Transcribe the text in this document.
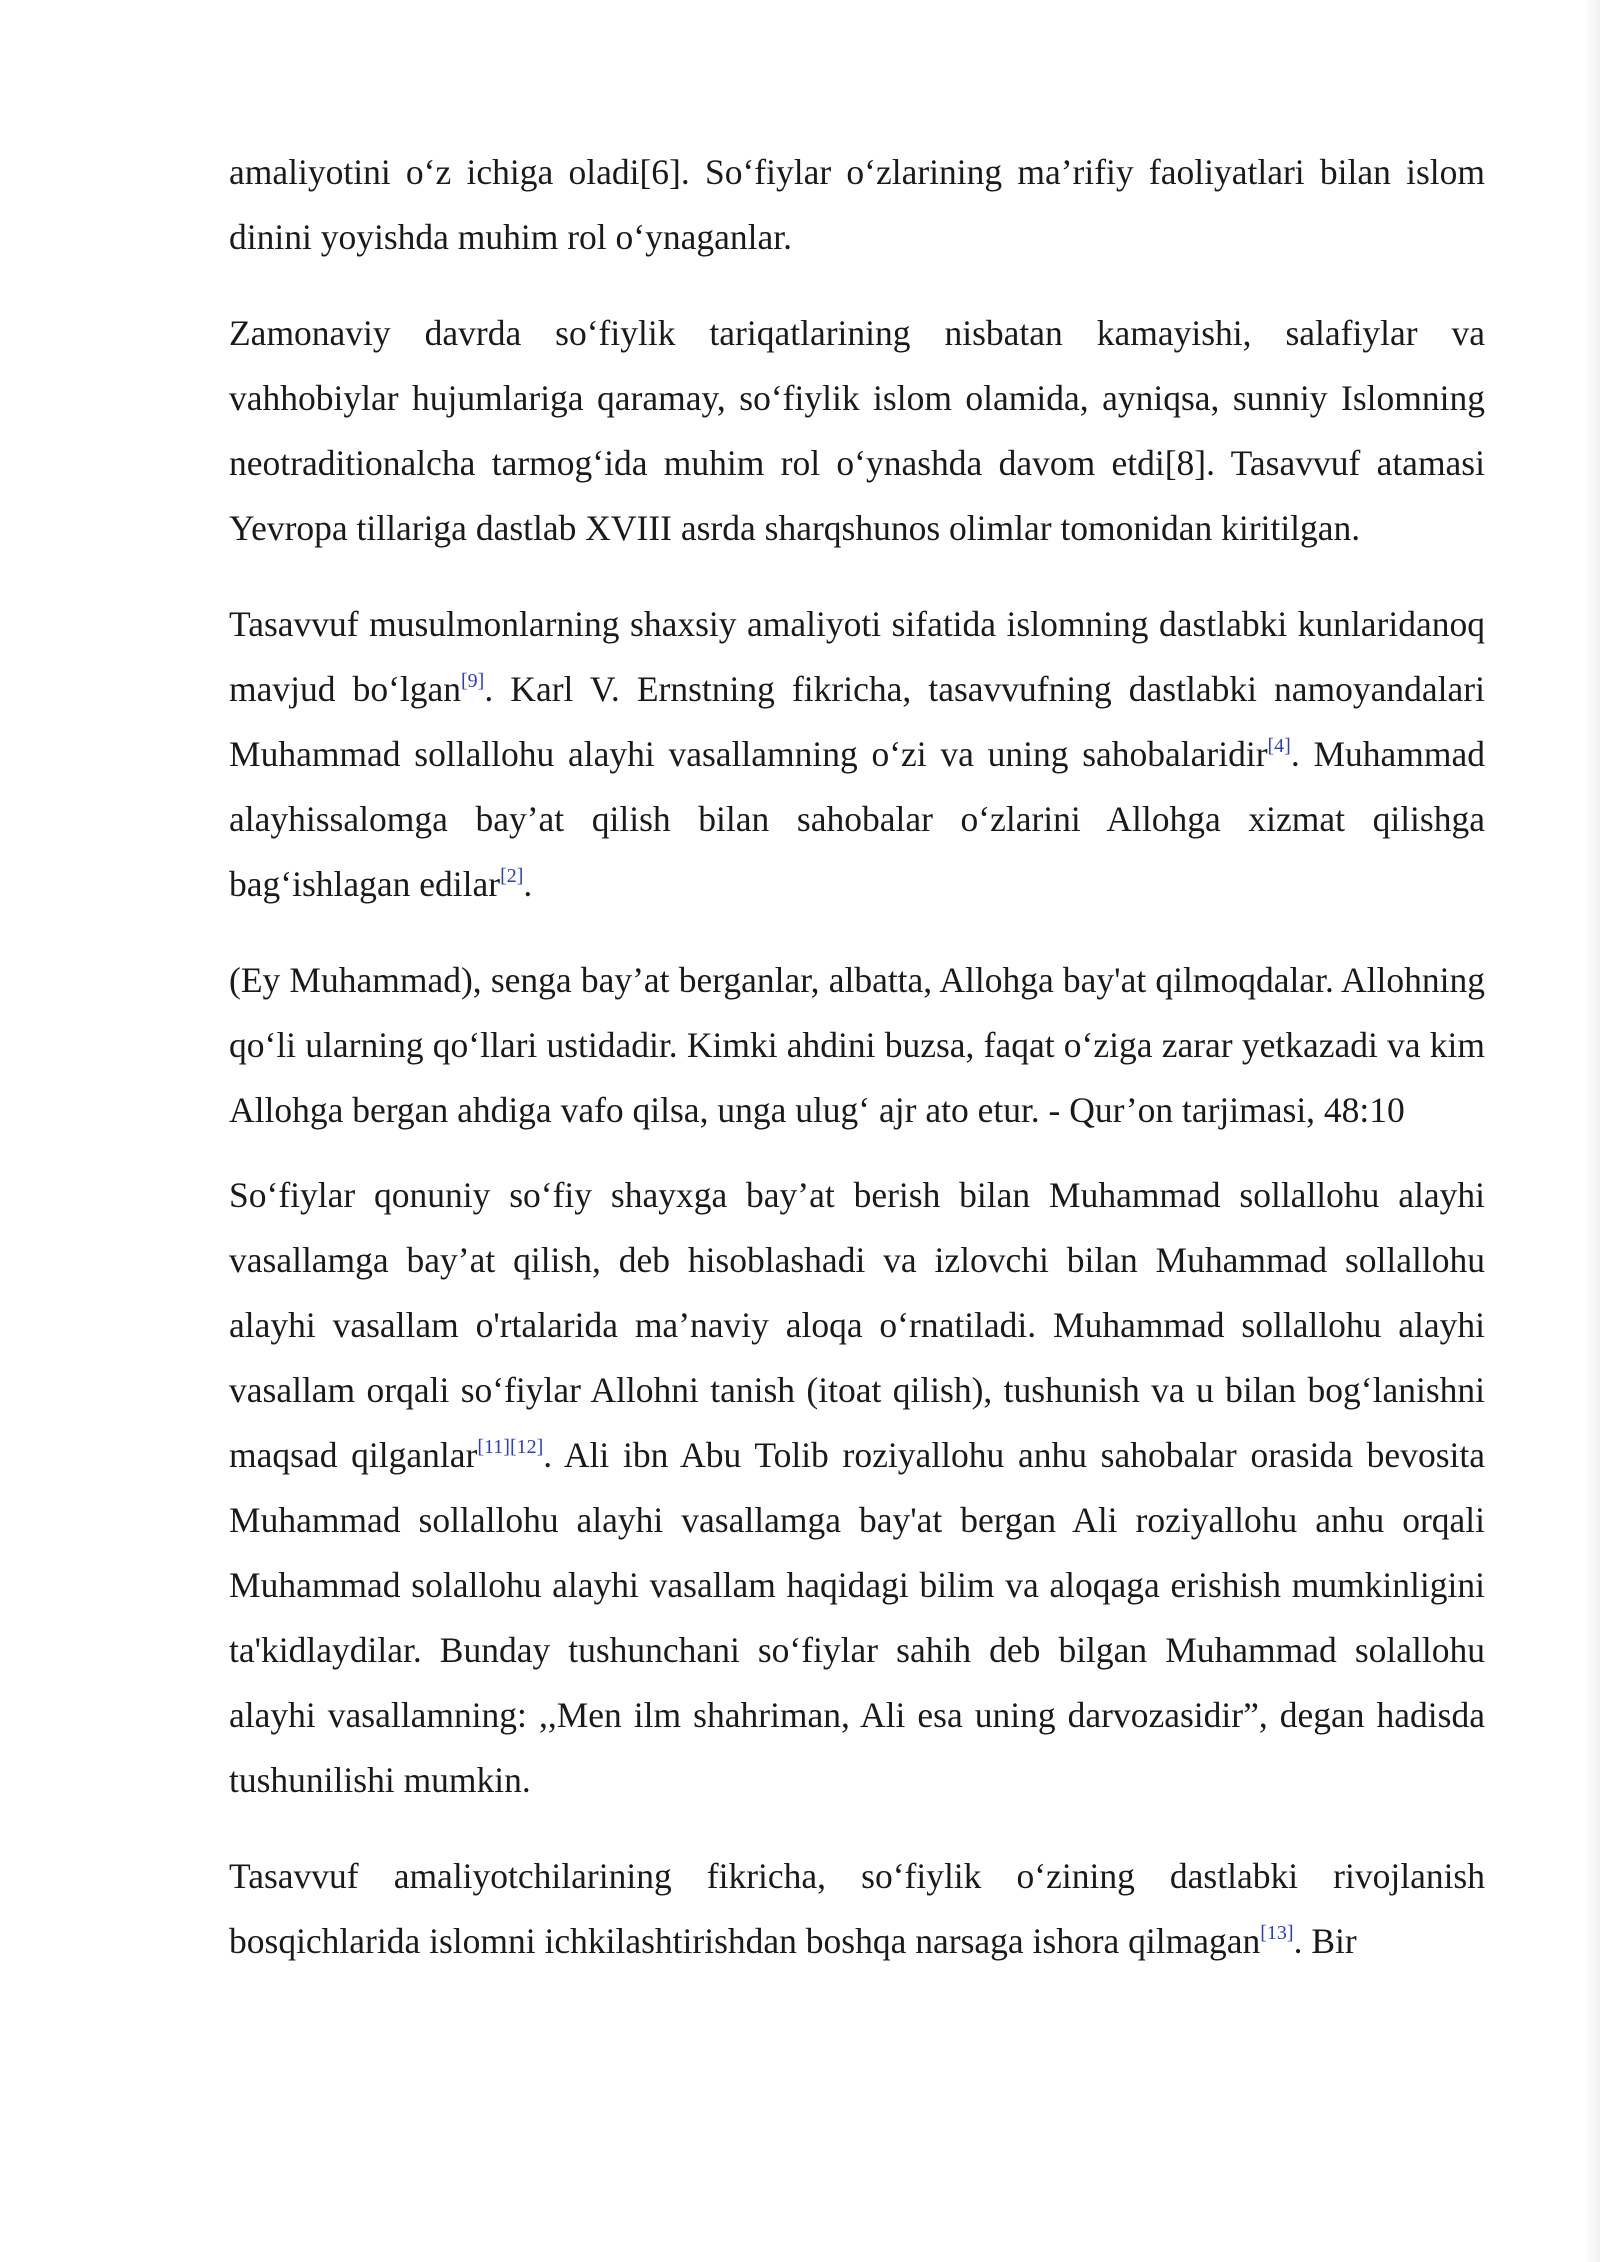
amaliyotini o‘z ichiga oladi[6]. So‘fiylar o‘zlarining ma’rifiy faoliyatlari bilan islom dinini yoyishda muhim rol o‘ynaganlar.

Zamonaviy davrda so‘fiylik tariqatlarining nisbatan kamayishi, salafiylar va vahhobiylar hujumlariga qaramay, so‘fiylik islom olamida, ayniqsa, sunniy Islomning neotraditionalcha tarmog‘ida muhim rol o‘ynashda davom etdi[8]. Tasavvuf atamasi Yevropa tillariga dastlab XVIII asrda sharqshunos olimlar tomonidan kiritilgan.

Tasavvuf musulmonlarning shaxsiy amaliyoti sifatida islomning dastlabki kunlaridanoq mavjud bo‘lgan[9]. Karl V. Ernstning fikricha, tasavvufning dastlabki namoyandalari Muhammad sollallohu alayhi vasallamning o‘zi va uning sahobalaridir[4]. Muhammad alayhissalomga bay’at qilish bilan sahobalar o‘zlarini Allohga xizmat qilishga bag‘ishlagan edilar[2].

(Ey Muhammad), senga bay’at berganlar, albatta, Allohga bay'at qilmoqdalar. Allohning qo‘li ularning qo‘llari ustidadir. Kimki ahdini buzsa, faqat o‘ziga zarar yetkazadi va kim Allohga bergan ahdiga vafo qilsa, unga ulug‘ ajr ato etur. - Qur’on tarjimasi, 48:10

So‘fiylar qonuniy so‘fiy shayxga bay’at berish bilan Muhammad sollallohu alayhi vasallamga bay’at qilish, deb hisoblashadi va izlovchi bilan Muhammad sollallohu alayhi vasallam o'rtalarida ma’naviy aloqa o‘rnatiladi. Muhammad sollallohu alayhi vasallam orqali so‘fiylar Allohni tanish (itoat qilish), tushunish va u bilan bog‘lanishni maqsad qilganlar[11][12]. Ali ibn Abu Tolib roziyallohu anhu sahobalar orasida bevosita Muhammad sollallohu alayhi vasallamga bay'at bergan Ali roziyallohu anhu orqali Muhammad solallohu alayhi vasallam haqidagi bilim va aloqaga erishish mumkinligini ta'kidlaydilar. Bunday tushunchani so‘fiylar sahih deb bilgan Muhammad solallohu alayhi vasallamning: ,,Men ilm shahriman, Ali esa uning darvozasidir”, degan hadisda tushunilishi mumkin.

Tasavvuf amaliyotchilarining fikricha, so‘fiylik o‘zining dastlabki rivojlanish bosqichlarida islomni ichkilashtirishdan boshqa narsaga ishora qilmagan[13]. Bir
